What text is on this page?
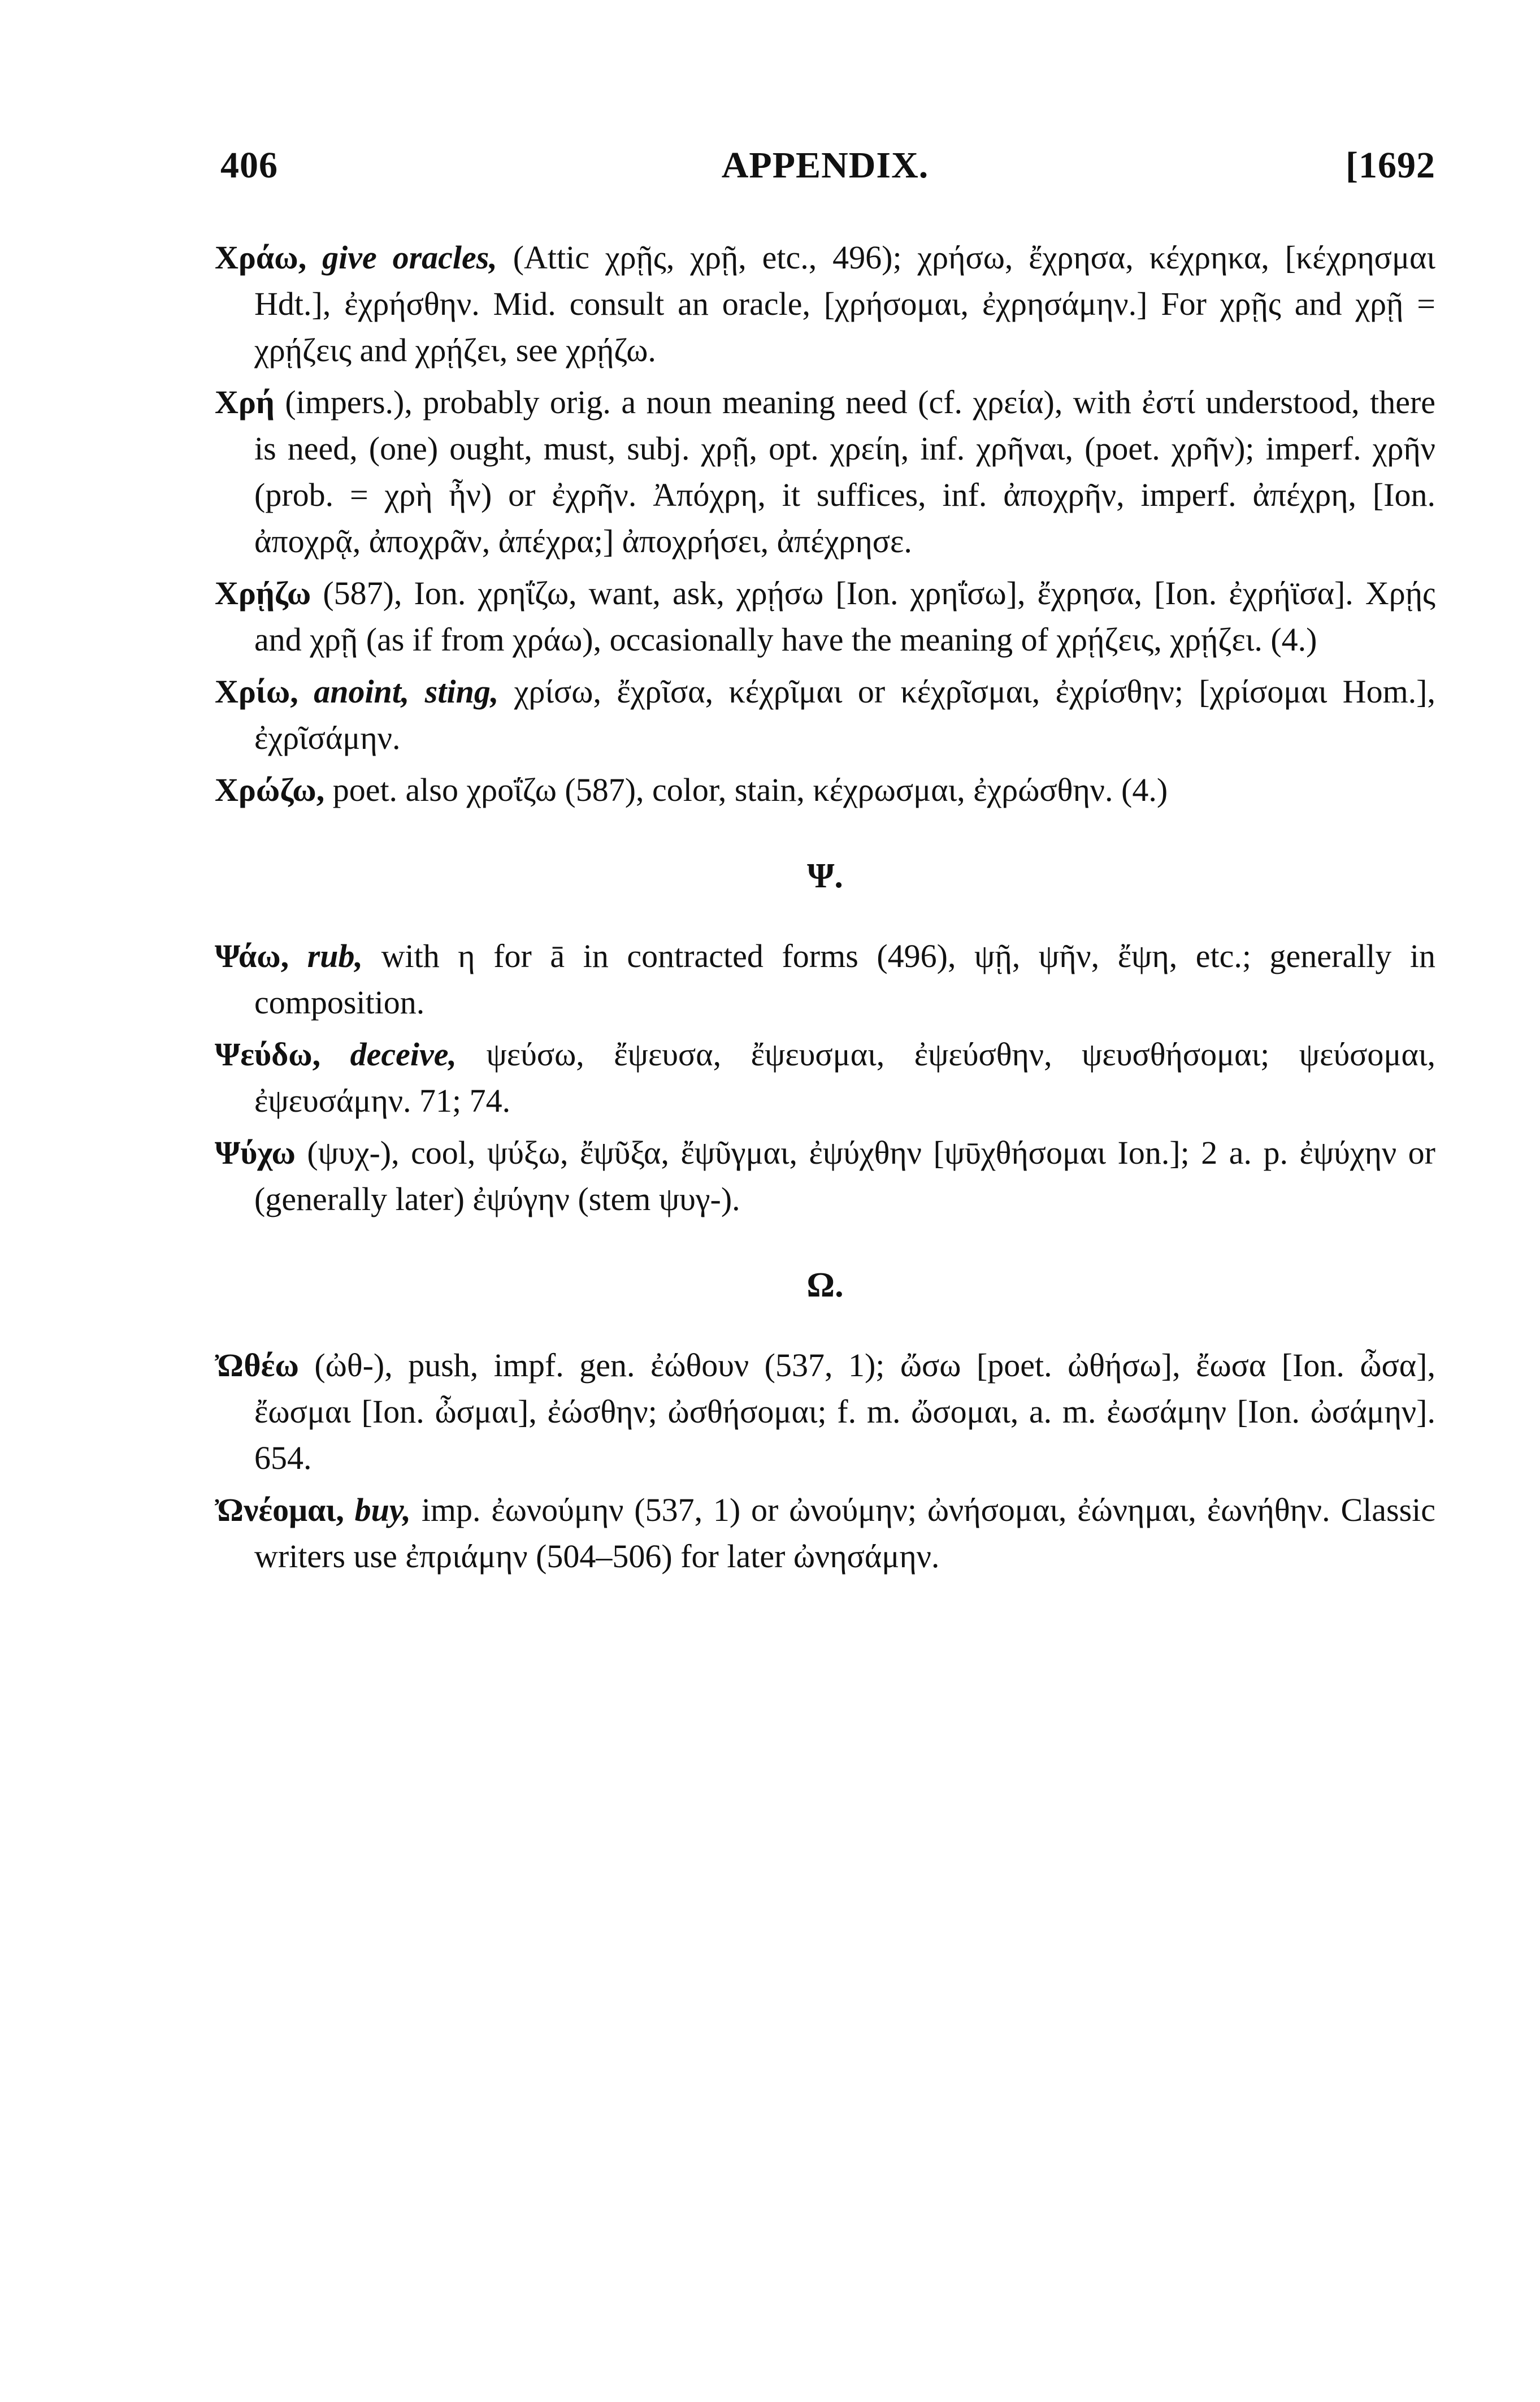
406	APPENDIX.	[1692
Χράω, give oracles, (Attic χρῇς, χρῇ, etc., 496); χρήσω, ἔχρησα, κέχρηκα, [κέχρησμαι Hdt.], ἐχρήσθην. Mid. consult an oracle, [χρήσομαι, ἐχρησάμην.] For χρῇς and χρῇ = χρῄζεις and χρῄζει, see χρῄζω.
Χρή (impers.), probably orig. a noun meaning need (cf. χρεία), with ἐστί understood, there is need, (one) ought, must, subj. χρῇ, opt. χρείη, inf. χρῆναι, (poet. χρῆν); imperf. χρῆν (prob. = χρὴ ἦν) or ἐχρῆν. Ἀπόχρη, it suffices, inf. ἀποχρῆν, imperf. ἀπέχρη, [Ion. ἀποχρᾷ, ἀποχρᾶν, ἀπέχρα;] ἀποχρήσει, ἀπέχρησε.
Χρῄζω (587), Ion. χρηΐζω, want, ask, χρῄσω [Ion. χρηΐσω], ἔχρησα, [Ion. ἐχρήϊσα]. Χρῄς and χρῇ (as if from χράω), occasionally have the meaning of χρῄζεις, χρῄζει. (4.)
Χρίω, anoint, sting, χρίσω, ἔχρῖσα, κέχρῖμαι or κέχρῖσμαι, ἐχρίσθην; [χρίσομαι Hom.], ἐχρῖσάμην.
Χρώζω, poet. also χροΐζω (587), color, stain, κέχρωσμαι, ἐχρώσθην. (4.)
Ψ.
Ψάω, rub, with η for ā in contracted forms (496), ψῇ, ψῆν, ἔψη, etc.; generally in composition.
Ψεύδω, deceive, ψεύσω, ἔψευσα, ἔψευσμαι, ἐψεύσθην, ψευσθήσομαι; ψεύσομαι, ἐψευσάμην. 71; 74.
Ψύχω (ψυχ-), cool, ψύξω, ἔψῦξα, ἔψῦγμαι, ἐψύχθην [ψῡχθήσομαι Ion.]; 2 a. p. ἐψύχην or (generally later) ἐψύγην (stem ψυγ-).
Ω.
Ὠθέω (ὠθ-), push, impf. gen. ἐώθουν (537, 1); ὤσω [poet. ὠθήσω], ἔωσα [Ion. ὦσα], ἔωσμαι [Ion. ὦσμαι], ἐώσθην; ὠσθήσομαι; f. m. ὤσομαι, a. m. ἐωσάμην [Ion. ὠσάμην]. 654.
Ὠνέομαι, buy, imp. ἐωνούμην (537, 1) or ὠνούμην; ὠνήσομαι, ἐώνημαι, ἐωνήθην. Classic writers use ἐπριάμην (504–506) for later ὠνησάμην.
